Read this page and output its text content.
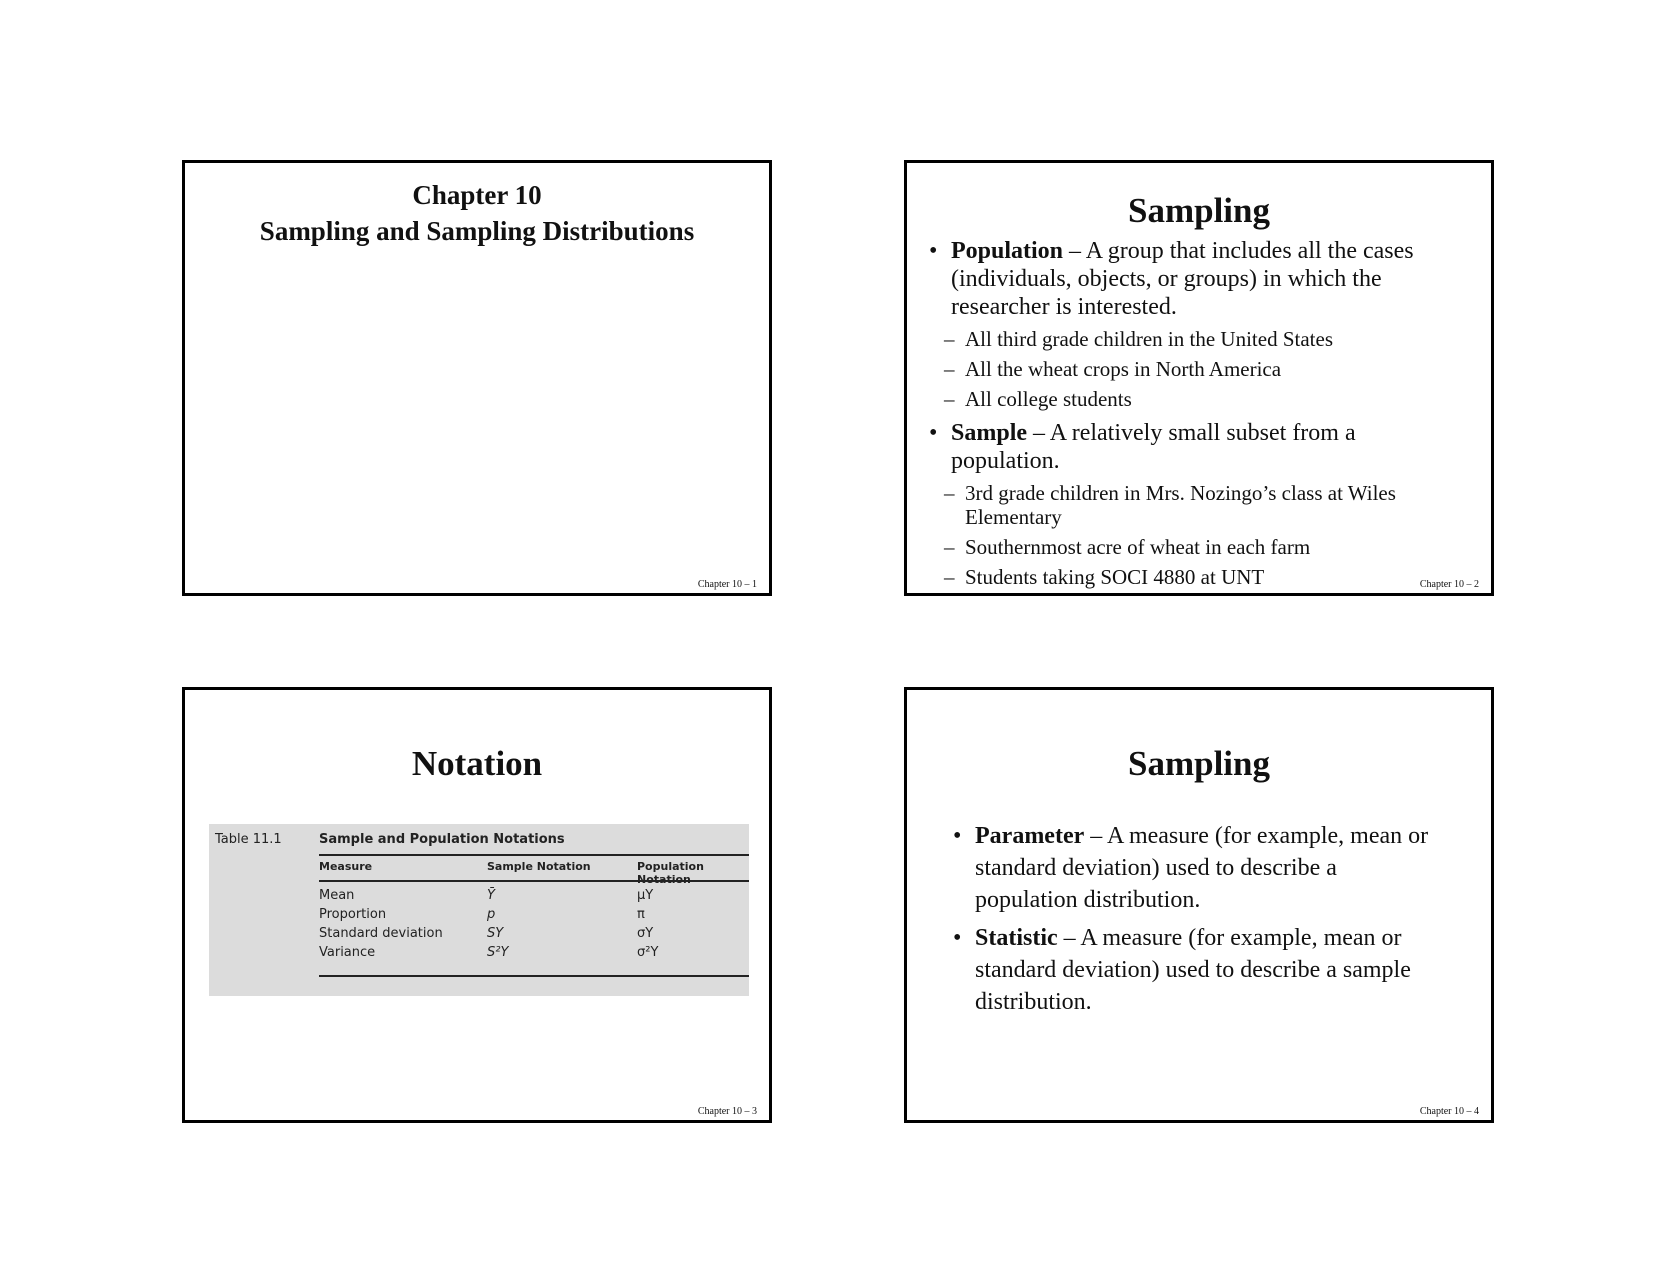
Chapter 10
Sampling and Sampling Distributions
Chapter 10 – 1
Sampling
• Population – A group that includes all the cases (individuals, objects, or groups) in which the researcher is interested.
– All third grade children in the United States
– All the wheat crops in North America
– All college students
• Sample – A relatively small subset from a population.
– 3rd grade children in Mrs. Nozingo’s class at Wiles Elementary
– Southernmost acre of wheat in each farm
– Students taking SOCI 4880 at UNT	Chapter 10 – 2
Notation
Table 11.1	Sample and Population Notations
Measure	Sample Notation	Population
Mean	Ȳ	μY
Proportion	p	π
Standard deviation	SY	σY
Variance	S²Y	σ²Y
Chapter 10 – 3
Sampling
• Parameter – A measure (for example, mean or standard deviation) used to describe a population distribution.
• Statistic – A measure (for example, mean or standard deviation) used to describe a sample distribution.
Chapter 10 – 4
